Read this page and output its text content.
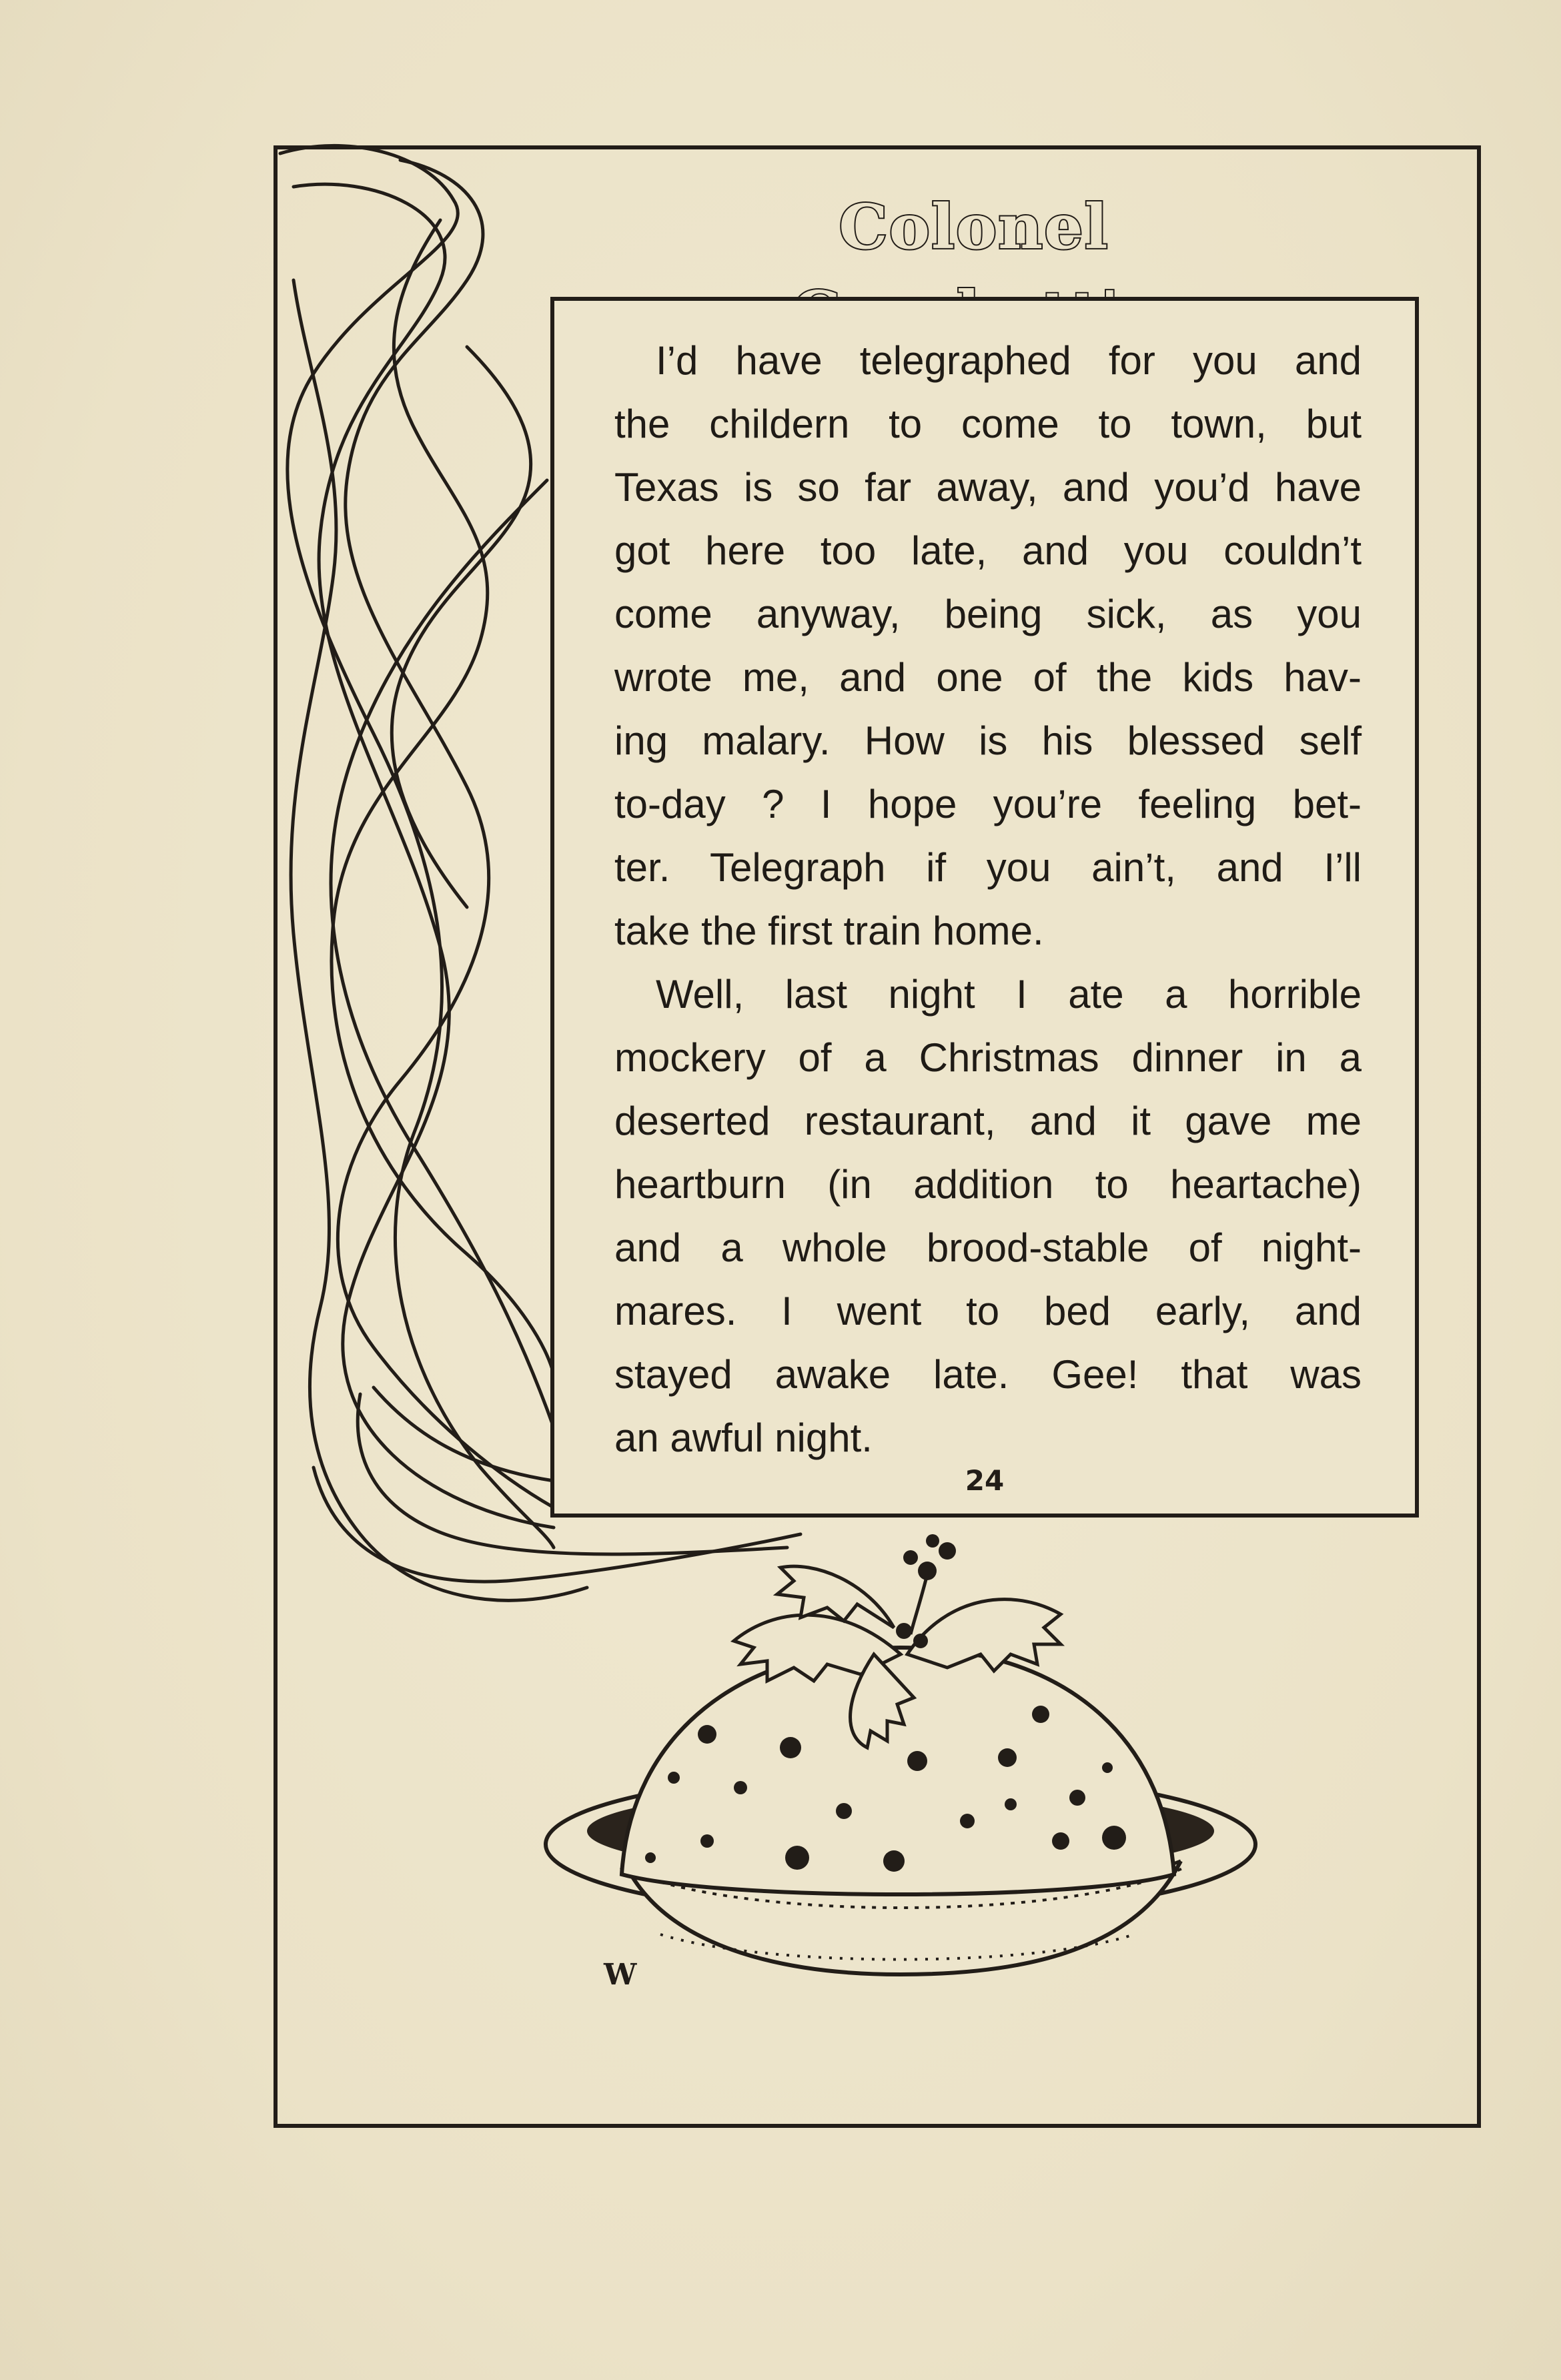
Colonel
I’d have telegraphed for you and
the childern to come to town, but
Texas is so far away, and you’d have
got here too late, and you couldn’t
come anyway, being sick, as you
wrote me, and one of the kids hav-
ing malary. How is his blessed self
to-day ? I hope you’re feeling bet-
ter. Telegraph if you ain’t, and I’ll
take the first train home.
Well, last night I ate a horrible
mockery of a Christmas dinner in a
deserted restaurant, and it gave me
heartburn (in addition to heartache)
and a whole brood-stable of night-
mares. I went to bed early, and
stayed awake late. Gee! that was
an awful night.
24
W
